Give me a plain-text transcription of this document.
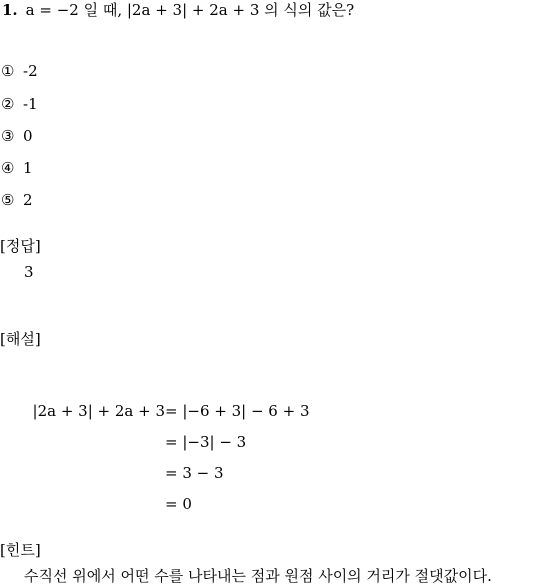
1. a = −2 일 때, |2a + 3| + 2a + 3 의 식의 값은?
① -2
② -1
③ 0
④ 1
⑤ 2
[정답]
3
[해설]
|2a + 3| + 2a + 3 = |−6 + 3| − 6 + 3
= |−3| − 3
= 3 − 3
= 0
[힌트]
수직선 위에서 어떤 수를 나타내는 점과 원점 사이의 거리가 절댓값이다.
